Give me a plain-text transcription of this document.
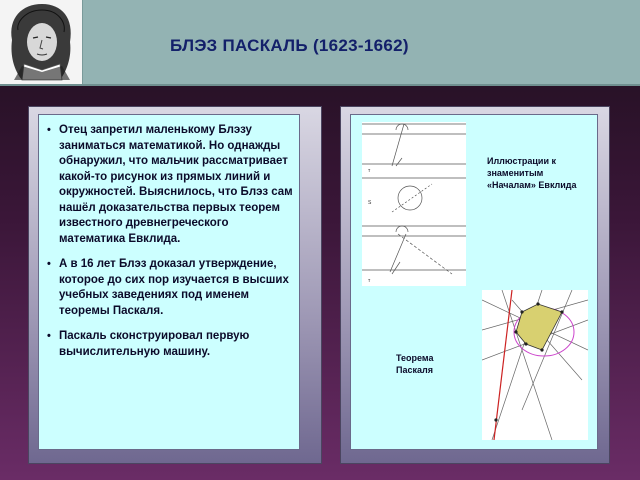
БЛЭЗ ПАСКАЛЬ (1623-1662)
• Отец запретил маленькому Блэзу заниматься математикой. Но однажды обнаружил, что мальчик рассматривает какой-то рисунок из прямых линий и окружностей. Выяснилось, что Блэз сам нашёл доказательства первых теорем известного древнегреческого математика Евклида.
• А в 16 лет Блэз доказал утверждение, которое до сих пор изучается в высших учебных заведениях под именем теоремы Паскаля.
• Паскаль сконструировал первую вычислительную машину.
т
S
т
Иллюстрации к знаменитым «Началам» Евклида
Теорема Паскаля
